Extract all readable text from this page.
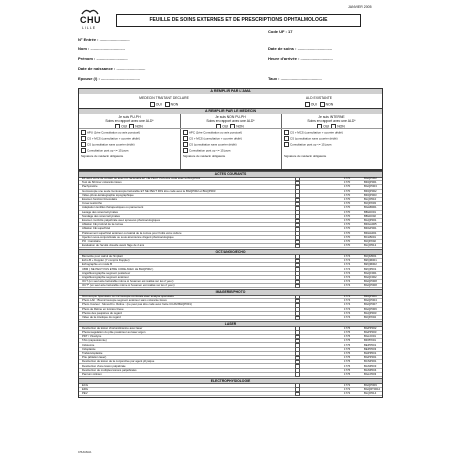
CHU
LILLE
JANVIER 2005
FEUILLE DE SOINS EXTERNES ET DE PRESCRIPTIONS OPHTALMOLOGIE
Code UF : 17
N° Entrée : ...........................
Nom : ...............................
Prénom : ............................
Date de naissance : ..........................
Epouse (/) : ...................................
Date de soins : ...............................
Heure d'arrivée : .............................
Taux : .....................................
A REMPLIR PAR L'AMA
MEDECIN TRAITANT DECLARE	ALD EXISTANTE
OUI	NON	OUI	NON
A REMPLIR PAR LE MEDECIN
Je suis PU-PH
Soins en rapport avec une ALD*
Je suis NON PU-PH
Soins en rapport avec une ALD*
Je suis INTERNE
Soins en rapport avec une ALD*
OUI NON	OUI NON	OUI NON
APU (1ère Consultation ou avis ponctuel)
CS + MCS (consultation + courrier dédié)
CS (consultation sans courrier dédié)
Consultation post op <= 15 jours
Signature du médecin obligatoire
APC (1ère Consultation ou avis ponctuel)
CS + MCS (consultation + courrier dédié)
CS (consultation sans courrier dédié)
Consultation post op <= 15 jours
Signature du médecin obligatoire
CS + MCS (consultation + courrier dédié)
CS (consultation sans courrier dédié)
Consultation post op <= 15 jours
Signature du médecin obligatoire
ACTES COURANTS
EF avec verre de contact ou avec FO facturable ET NE PEUT PAS être codé avec le BNQP002	1770	BGQP002
Test de Shirmer colorants tissus	1770	BDQP001
Pachymétrie	1770	BGQP003
Gonioscopie une seule Gonioscopie facturable ET NE PEUT PAS être codé avec le BGQP002 et BGQP003	1770	BDQP002
Vidéo-photo-kératographie topographique	1770	BDQP003
Examen fonction binoculaire	1770	BLQP010
Cover-test/ortho	1770	BJQP003
Adaptation lentilles thérapeutiques ou pansement	1770	BGHB001
Lavage des voies lacrymales	1770	BBLD001
Sondage des voies lacrymales	1770	BBLD002
Examen motricité palpébrale avec épreuves pharmacologiques	1770	BAQP001
Ablation CE profond de la cornée	1770	BDGA005
Ablation CE superficiel	1770	BDGP001
Prélèvement superficiel antérieur ou latéral de la cornée pour frottis et/ou culture	1770	BDHA001
Injection sous-conjonctivale ou sous-ténonienne d'agent pharmacologique	1770	BCLB001
PO : transitaire	1770	BJQP002
Evaluation de l'acuité visuelle avant l'âge de 2 ans	1770	BLQP012
OCT/ANGIO/ECHO
Biométrie pour calcul de l'implant	1774	BJQM001
Echo B + Doppler (Y compris Doppler)	1774	BZQM001
Echographie en mode B	1774	BZQM002
UBM ( NE PEUT PAS ETRE CODE AVEC LE BHQP002 )	1774	BZQP001
Angiofluorographie segment postérieur	1774	BGQF001
Angiofluorographie segment antérieur	1774	BGQF002
OCT (un seul acte facturable même si l'examen est réalisé sur les 2 yeux)	1774	BGQP008
OCT* (un seul acte facturable même si l'examen est réalisé sur les 2 yeux)	1774	BGQP008
IMAGERIE/PHOTO
Microscopie Spéculaire ou microscopie confocale avec analyse spéculaire	1774	BDQP004
Photo LAF : Biomicroscopie segment antérieur sans colorante tissus	1774	BGQP004
Photo Couleur : Monochro. Rétine : (ne peut pas être codé avec l'acte CCAM BHQP001)	1774	BGQP007
Photo de Rétine en lumière bleue	1774	BGQP006
Photos des paupières du regard	1774	BAQP003
Video de la cinétique du regard	1774	BJQP004
LASER
Destruction de lésion choriorétinienne avec laser	1776	BGPP002
Photocoagulation du pôle postérieur au laser argon	1776	BGPP003
PDT / Visudyne	1776	BGLF001
TAG (capsulotomie)	1776	BFPP001
Iridotomie	1776	BEPP001
Iridoplastie	1776	BEPP003
Trabéculoplastie	1776	BHPP001
Prie (ablation laser)	1776	BGPP001
Destruction de lésion de la conjonctive par agent physique	1776	BCNP001
Destruction d'une lésion palpébrale	1776	BANP003
Destruction de multiples lésions palpébrales	1776	BANP004
Panrum rétinien	1776	BGLP003
ELECTROPHYSIOLOGIE
ECG	1772	BGQP009
ERG	1772	BGQRT0012
PEV	1772	BLQP014
CHU/ASG/1
